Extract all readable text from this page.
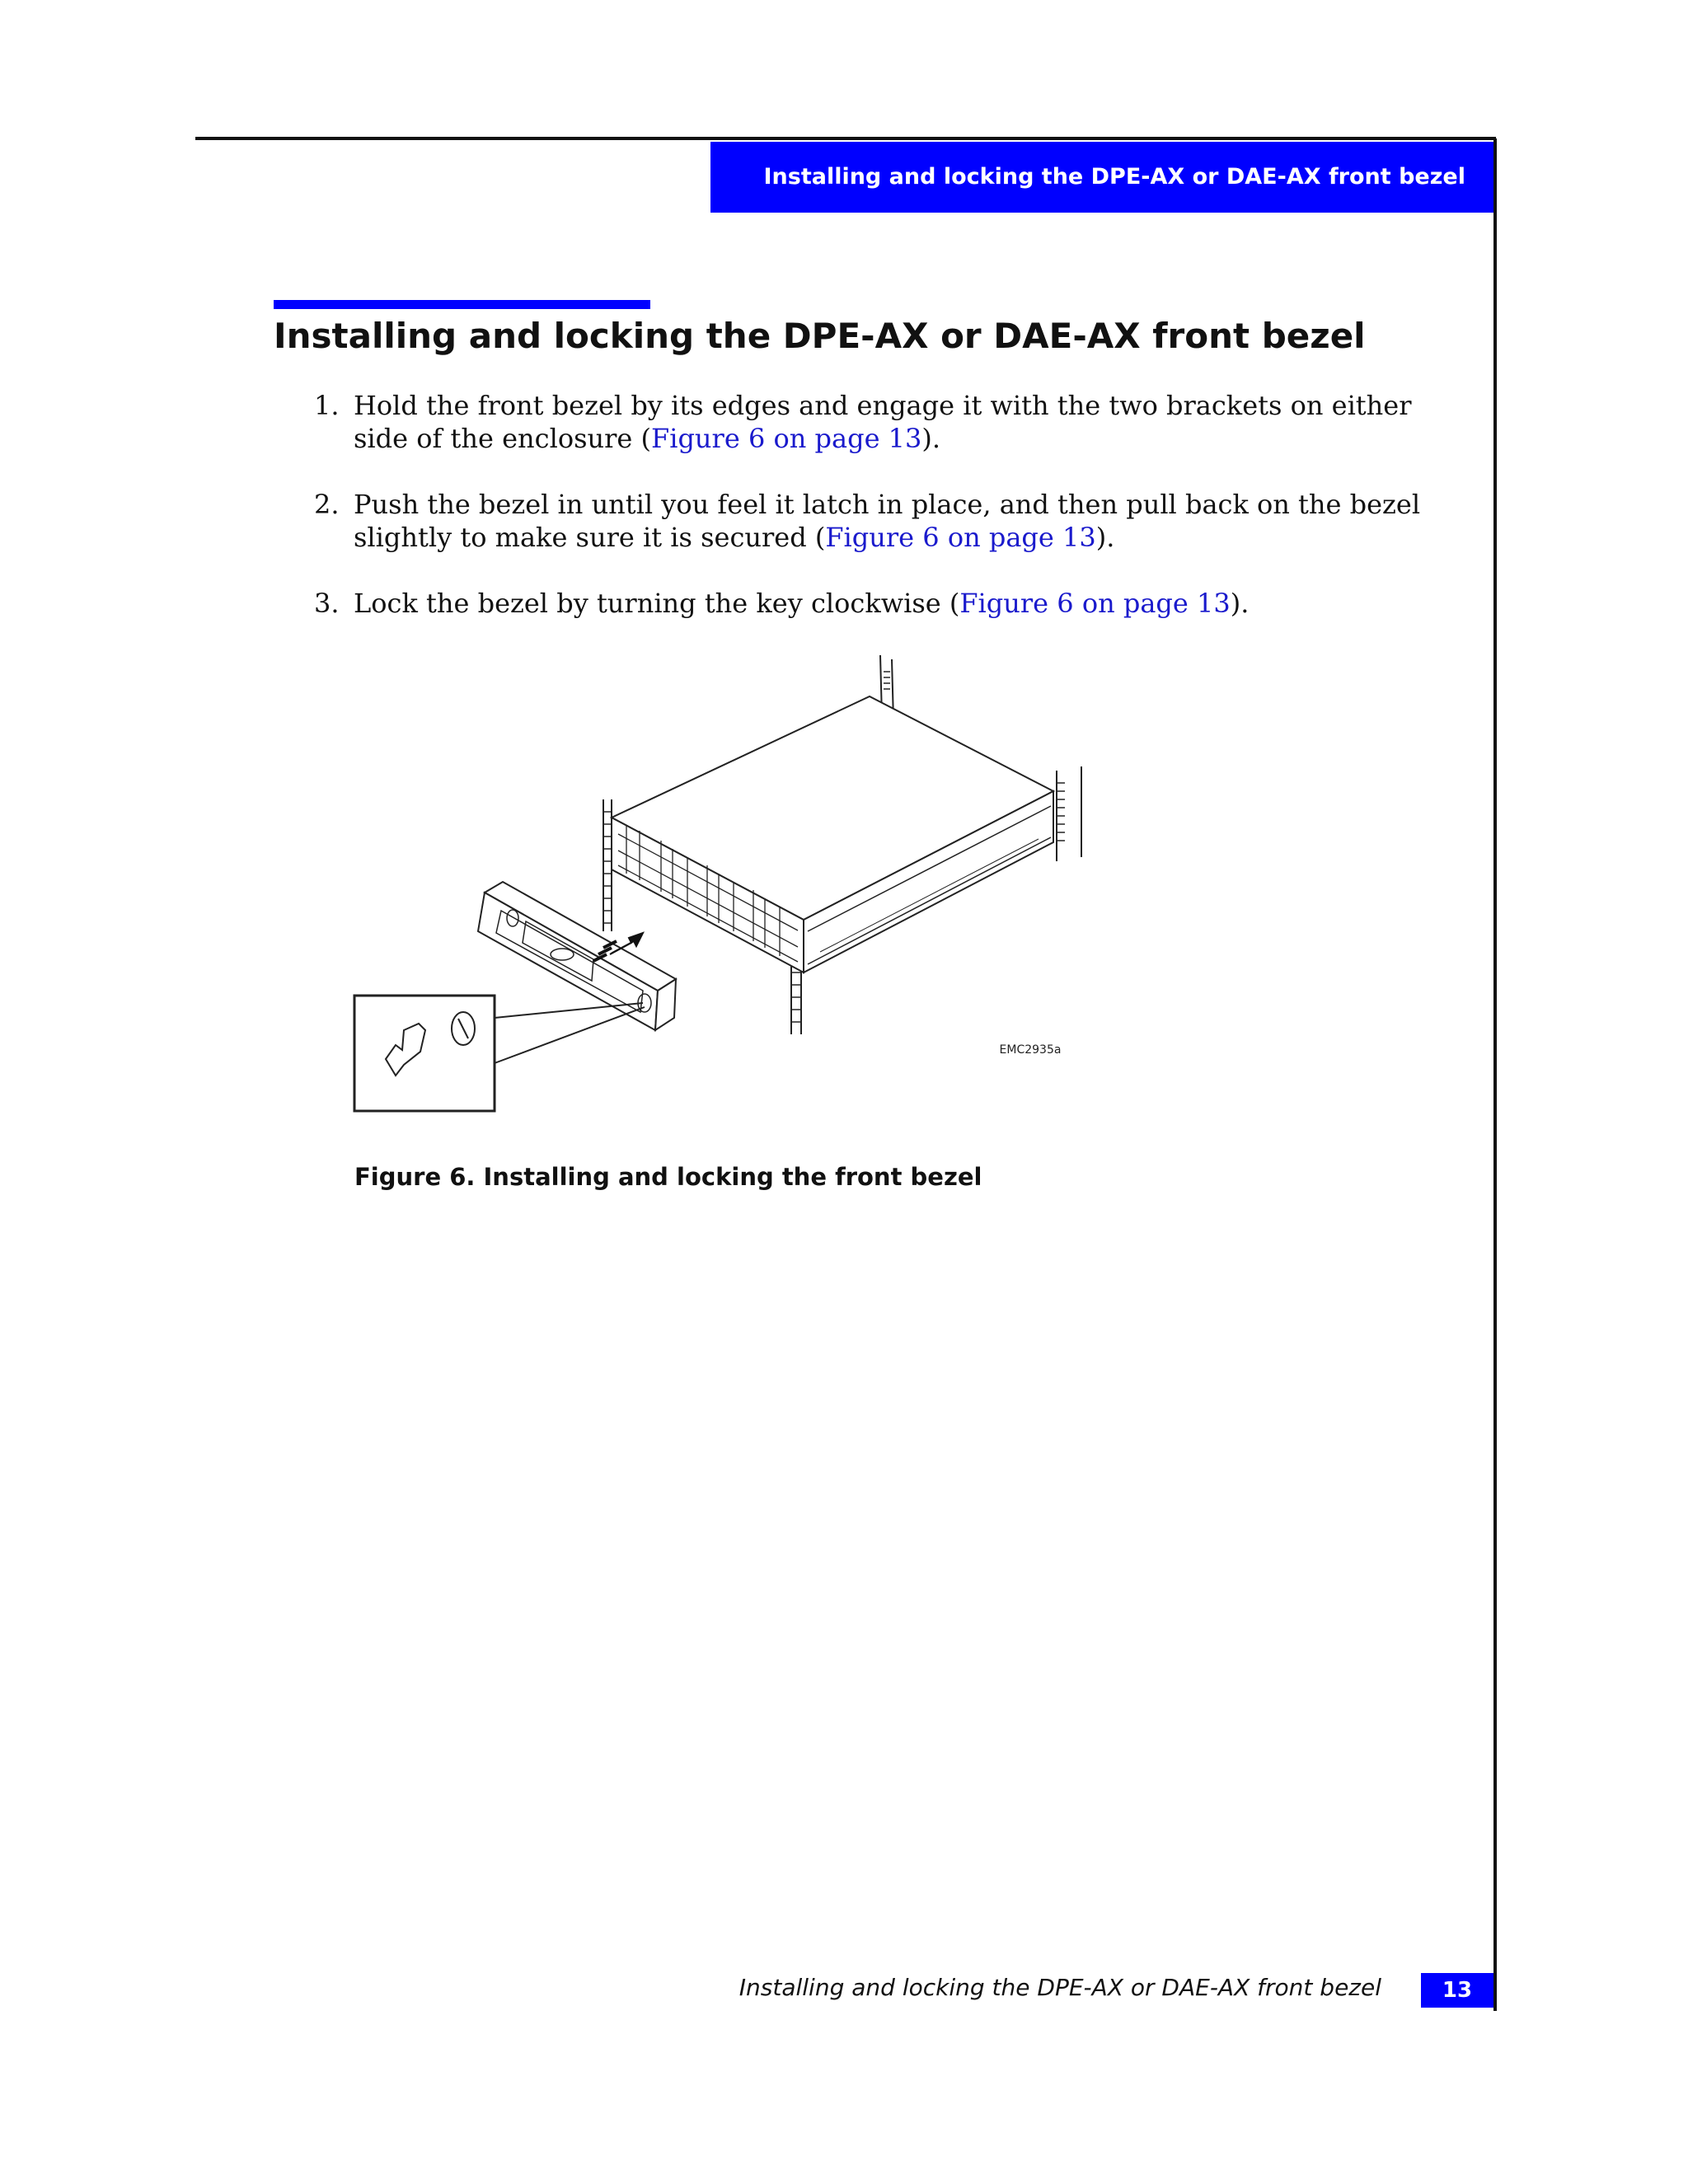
Installing and locking the DPE-AX or DAE-AX front bezel
Installing and locking the DPE-AX or DAE-AX front bezel
1. Hold the front bezel by its edges and engage it with the two brackets on either side of the enclosure (Figure 6 on page 13).
2. Push the bezel in until you feel it latch in place, and then pull back on the bezel slightly to make sure it is secured (Figure 6 on page 13).
3. Lock the bezel by turning the key clockwise (Figure 6 on page 13).
EMC2935a

Figure 6. Installing and locking the front bezel

Installing and locking the DPE-AX or DAE-AX front bezel	13
